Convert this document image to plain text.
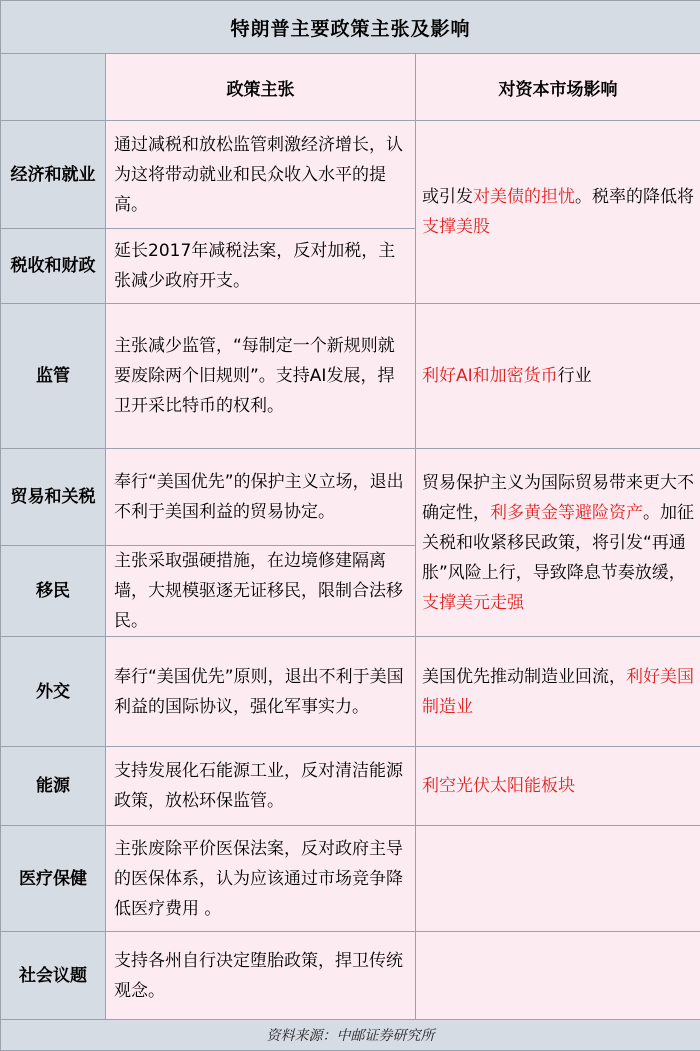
特朗普主要政策主张及影响		
	政策主张	对资本市场影响
经济和就业	通过减税和放松监管刺激经济增长，认为这将带动就业和民众收入水平的提高。	或引发对美债的担忧。税率的降低将支撑美股
税收和财政	延长2017年减税法案，反对加税，主张减少政府开支。	
监管	主张减少监管，“每制定一个新规则就要废除两个旧规则”。支持AI发展，捍卫开采比特币的权利。	利好AI和加密货币行业
贸易和关税	奉行“美国优先”的保护主义立场，退出不利于美国利益的贸易协定。	贸易保护主义为国际贸易带来更大不确定性，利多黄金等避险资产。加征关税和收紧移民政策，将引发“再通胀”风险上行，导致降息节奏放缓，支撑美元走强
移民	主张采取强硬措施，在边境修建隔离墙，大规模驱逐无证移民，限制合法移民。	
外交	奉行“美国优先”原则，退出不利于美国利益的国际协议，强化军事实力。	美国优先推动制造业回流，利好美国制造业
能源	支持发展化石能源工业，反对清洁能源政策，放松环保监管。	利空光伏太阳能板块
医疗保健	主张废除平价医保法案，反对政府主导的医保体系，认为应该通过市场竞争降低医疗费用 。	
社会议题	支持各州自行决定堕胎政策，捍卫传统观念。	
资料来源：中邮证券研究所		
